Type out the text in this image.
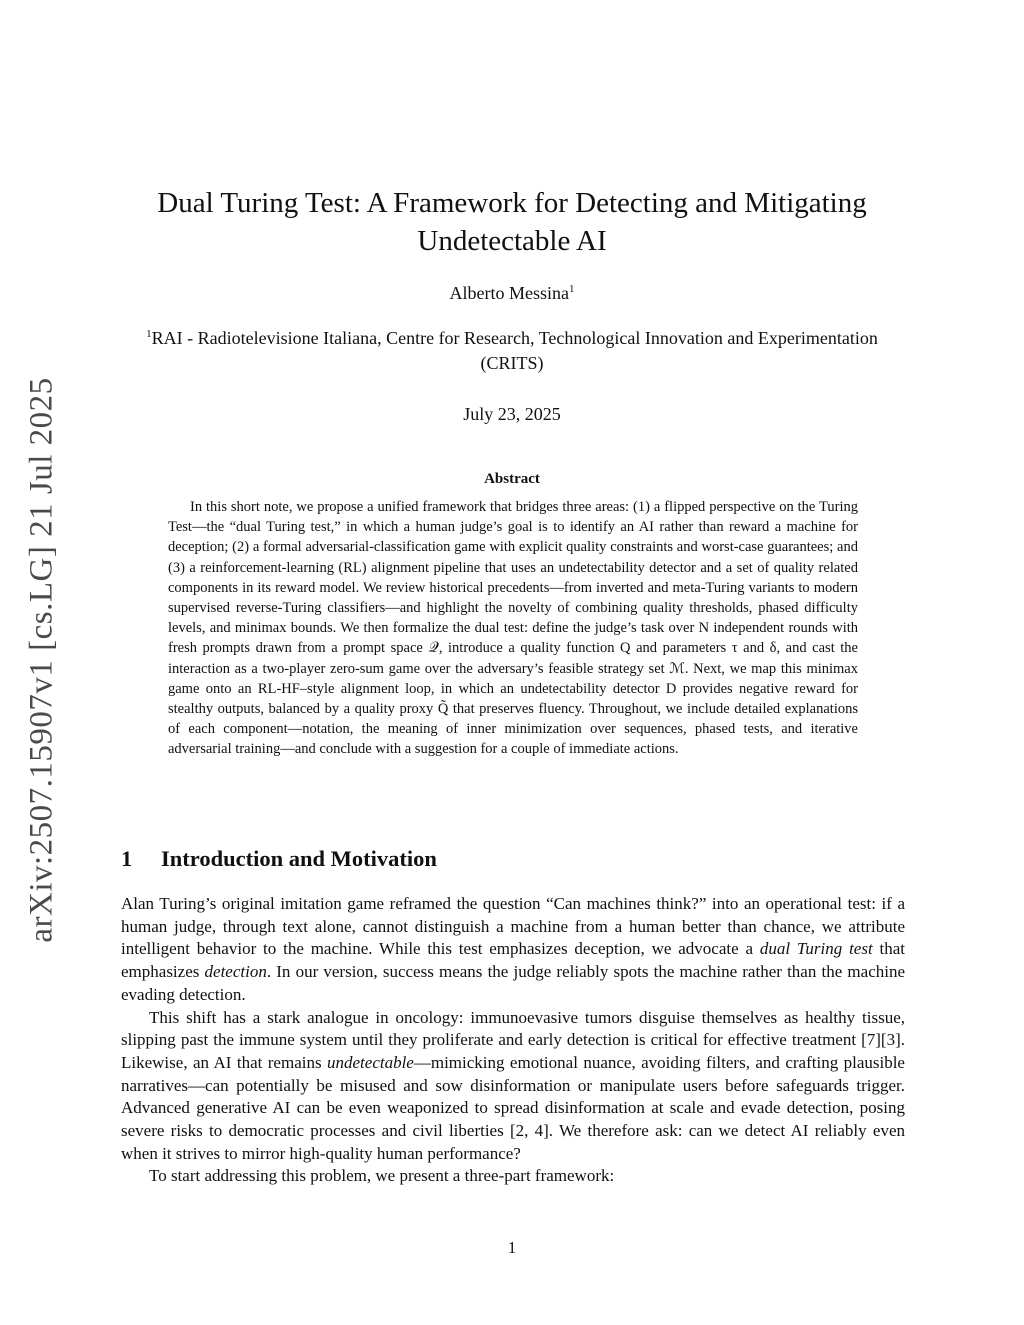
arXiv:2507.15907v1 [cs.LG] 21 Jul 2025
Dual Turing Test: A Framework for Detecting and Mitigating Undetectable AI
Alberto Messina$^1$
$^1$RAI - Radiotelevisione Italiana, Centre for Research, Technological Innovation and Experimentation (CRITS)
July 23, 2025
Abstract

In this short note, we propose a unified framework that bridges three areas: (1) a flipped perspective on the Turing Test—the “dual Turing test,” in which a human judge’s goal is to identify an AI rather than reward a machine for deception; (2) a formal adversarial-classification game with explicit quality constraints and worst-case guarantees; and (3) a reinforcement-learning (RL) alignment pipeline that uses an undetectability detector and a set of quality related components in its reward model. We review historical precedents—from inverted and meta-Turing variants to modern supervised reverse-Turing classifiers—and highlight the novelty of combining quality thresholds, phased difficulty levels, and minimax bounds. We then formalize the dual test: define the judge’s task over N independent rounds with fresh prompts drawn from a prompt space 𝒬, introduce a quality function Q and parameters τ and δ, and cast the interaction as a two-player zero-sum game over the adversary’s feasible strategy set ℳ. Next, we map this minimax game onto an RL-HF–style alignment loop, in which an undetectability detector D provides negative reward for stealthy outputs, balanced by a quality proxy Q̃ that preserves fluency. Throughout, we include detailed explanations of each component—notation, the meaning of inner minimization over sequences, phased tests, and iterative adversarial training—and conclude with a suggestion for a couple of immediate actions.

1 Introduction and Motivation

Alan Turing’s original imitation game reframed the question “Can machines think?” into an operational test: if a human judge, through text alone, cannot distinguish a machine from a human better than chance, we attribute intelligent behavior to the machine. While this test emphasizes deception, we advocate a dual Turing test that emphasizes detection. In our version, success means the judge reliably spots the machine rather than the machine evading detection.

This shift has a stark analogue in oncology: immunoevasive tumors disguise themselves as healthy tissue, slipping past the immune system until they proliferate and early detection is critical for effective treatment [7][3]. Likewise, an AI that remains undetectable—mimicking emotional nuance, avoiding filters, and crafting plausible narratives—can potentially be misused and sow disinformation or manipulate users before safeguards trigger. Advanced generative AI can be even weaponized to spread disinformation at scale and evade detection, posing severe risks to democratic processes and civil liberties [2, 4]. We therefore ask: can we detect AI reliably even when it strives to mirror high-quality human performance?

To start addressing this problem, we present a three-part framework:

1
